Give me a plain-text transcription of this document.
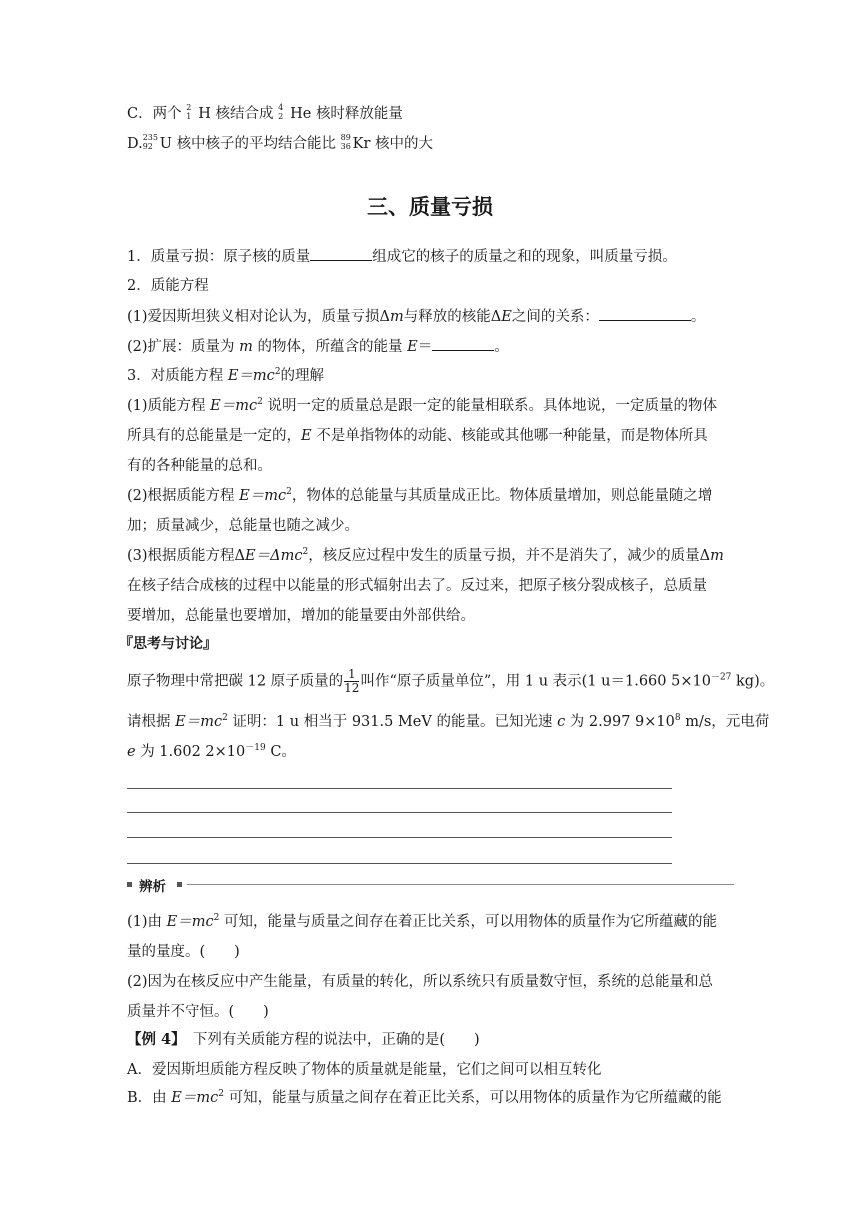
C．两个 2
1 H 核结合成 4
2 He 核时释放能量
D. 235
92 U 核中核子的平均结合能比 89
36 Kr 核中的大
三、质量亏损
1．质量亏损：原子核的质量	组成它的核子的质量之和的现象，叫质量亏损。
2．质能方程
(1)爱因斯坦狭义相对论认为，质量亏损Δm与释放的核能ΔE之间的关系：	。
(2)扩展：质量为 m 的物体，所蕴含的能量 E＝	。
3．对质能方程 $E=mc^2$的理解
(1)质能方程 $E=mc^2$ 说明一定的质量总是跟一定的能量相联系。具体地说，一定质量的物体
所具有的总能量是一定的，E 不是单指物体的动能、核能或其他哪一种能量，而是物体所具
有的各种能量的总和。
(2)根据质能方程 $E=mc^2$，物体的总能量与其质量成正比。物体质量增加，则总能量随之增
加；质量减少，总能量也随之减少。
(3)根据质能方程ΔE＝Δmc$^2$，核反应过程中发生的质量亏损，并不是消失了，减少的质量Δm
在核子结合成核的过程中以能量的形式辐射出去了。反过来，把原子核分裂成核子，总质量
要增加，总能量也要增加，增加的能量要由外部供给。
『思考与讨论』
原子物理中常把碳 12 原子质量的 $\frac{1}{12}$ 叫作“原子质量单位”，用 1 u 表示(1 u＝1.660 $5\times 10^{-27}$ kg)。
请根据 $E=mc^2$ 证明：1 u 相当于 931.5 MeV 的能量。已知光速 c 为 2.997 $9\times 10^8$ m/s，元电荷
e 为 1.602 $2\times 10^{-19}$ C。
辨析
(1)由 $E=mc^2$ 可知，能量与质量之间存在着正比关系，可以用物体的质量作为它所蕴藏的能
量的量度。(　　)
(2)因为在核反应中产生能量，有质量的转化，所以系统只有质量数守恒，系统的总能量和总
质量并不守恒。(　　)
【例 4】　 下列有关质能方程的说法中，正确的是(　　)
A．爱因斯坦质能方程反映了物体的质量就是能量，它们之间可以相互转化
B．由 $E=mc^2$ 可知，能量与质量之间存在着正比关系，可以用物体的质量作为它所蕴藏的能
